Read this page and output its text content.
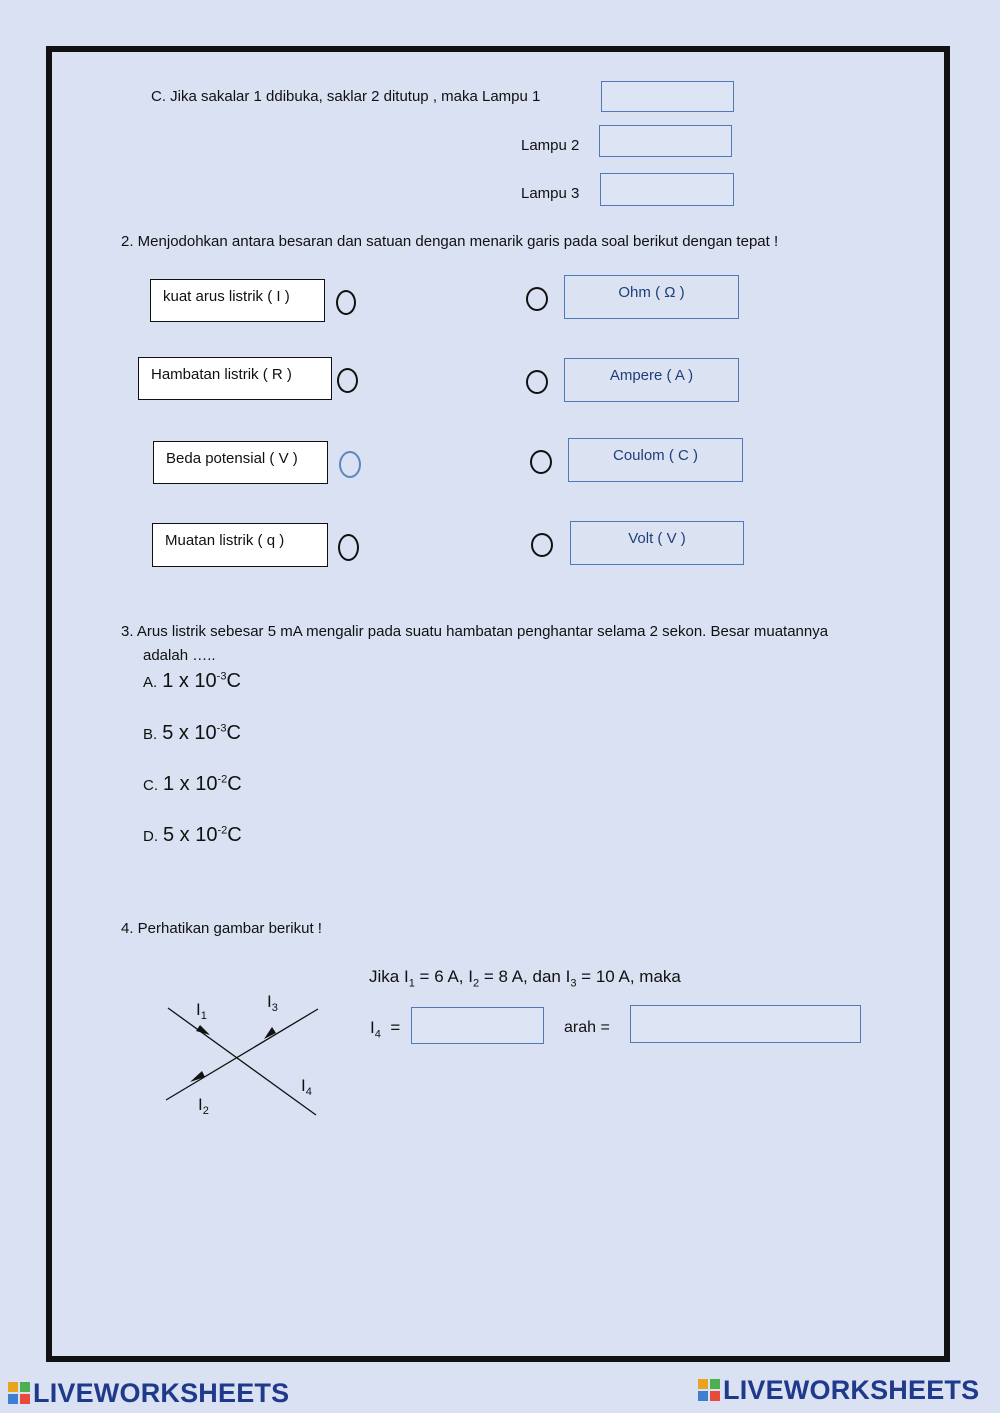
C. Jika sakalar 1 ddibuka, saklar 2 ditutup , maka Lampu 1
Lampu 2
Lampu 3
2. Menjodohkan antara besaran dan satuan dengan menarik garis pada soal berikut dengan tepat !
kuat arus listrik ( I )	Ohm ( Ω )
Hambatan listrik ( R )	Ampere ( A )
Beda potensial ( V )	Coulom ( C )
Muatan listrik ( q )	Volt ( V )
3. Arus listrik sebesar 5 mA mengalir pada suatu hambatan penghantar selama 2 sekon. Besar muatannya
adalah …..
A. 1 x $10^{-3}C$
B. 5 x $10^{-3}C$
C. 1 x $10^{-2}C$
D. 5 x $10^{-2}C$
4. Perhatikan gambar berikut !
Jika $I_1 = 6$ A, $I_2 = 8$ A, dan $I_3 = 10$ A, maka
$I_4$ =	arah =
$I_1$
$I_3$
$I_2$
$I_4$
LIVEWORKSHEETS	LIVEWORKSHEETS
